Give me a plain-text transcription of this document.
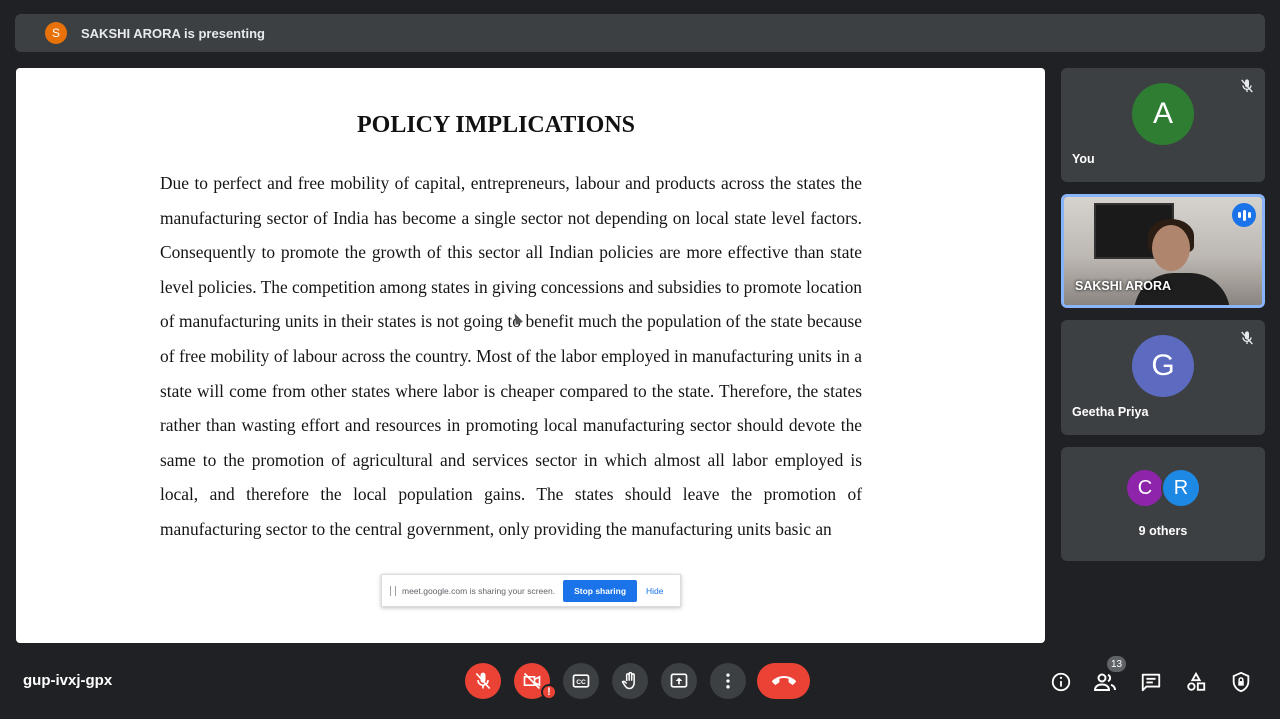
S	SAKSHI ARORA is presenting
POLICY IMPLICATIONS
Due to perfect and free mobility of capital, entrepreneurs, labour and products across the states the manufacturing sector of India has become a single sector not depending on local state level factors. Consequently to promote the growth of this sector all Indian policies are more effective than state level policies. The competition among states in giving concessions and subsidies to promote location of manufacturing units in their states is not going to benefit much the population of the state because of free mobility of labour across the country. Most of the labor employed in manufacturing units in a state will come from other states where labor is cheaper compared to the state. Therefore, the states rather than wasting effort and resources in promoting local manufacturing sector should devote the same to the promotion of agricultural and services sector in which almost all labor employed is local, and therefore the local population gains. The states should leave the promotion of manufacturing sector to the central government, only providing the manufacturing units basic an
meet.google.com is sharing your screen.	Stop sharing	Hide
A
You
SAKSHI ARORA
G
Geetha Priya
C	R
9 others
gup-ivxj-gpx
!
CC
13
